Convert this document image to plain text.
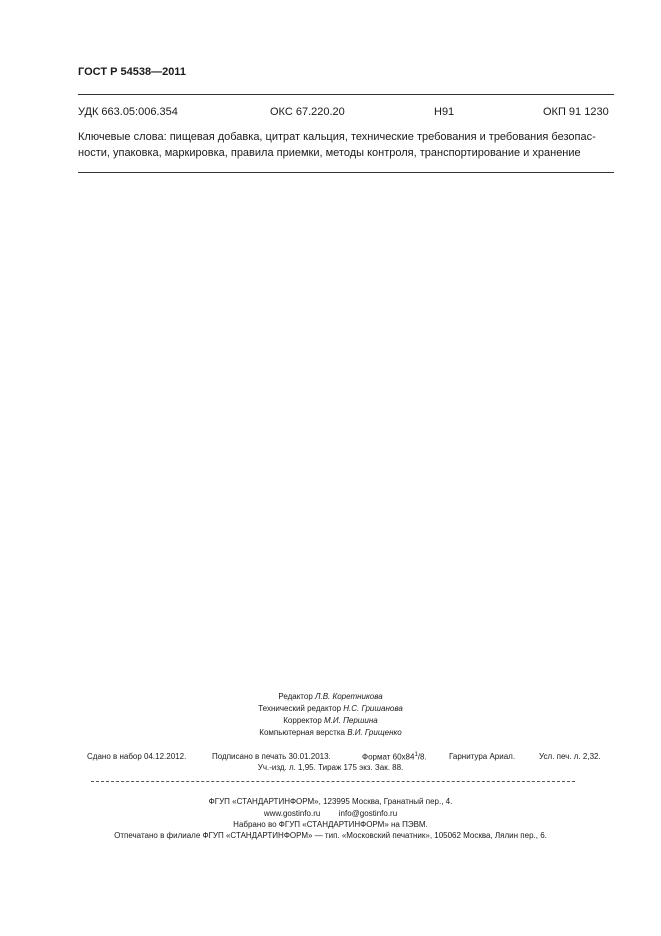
ГОСТ Р 54538—2011
УДК 663.05:006.354	ОКС 67.220.20	Н91	ОКП 91 1230
Ключевые слова: пищевая добавка, цитрат кальция, технические требования и требования безопас-
ности, упаковка, маркировка, правила приемки, методы контроля, транспортирование и хранение
Редактор Л.В. Коретникова
Технический редактор Н.С. Гришанова
Корректор М.И. Першина
Компьютерная верстка В.И. Грищенко
Сдано в набор 04.12.2012.	Подписано в печать 30.01.2013.	Формат $60x84^1/8$.	Гарнитура Ариал.	Усл. печ. л. 2,32.
Уч.-изд. л. 1,95. Тираж 175 экз. Зак. 88.
ФГУП «СТАНДАРТИНФОРМ», 123995 Москва, Гранатный пер., 4.
www.gostinfo.ru info@gostinfo.ru
Набрано во ФГУП «СТАНДАРТИНФОРМ» на ПЭВМ.
Отпечатано в филиале ФГУП «СТАНДАРТИНФОРМ» — тип. «Московский печатник», 105062 Москва, Лялин пер., 6.
